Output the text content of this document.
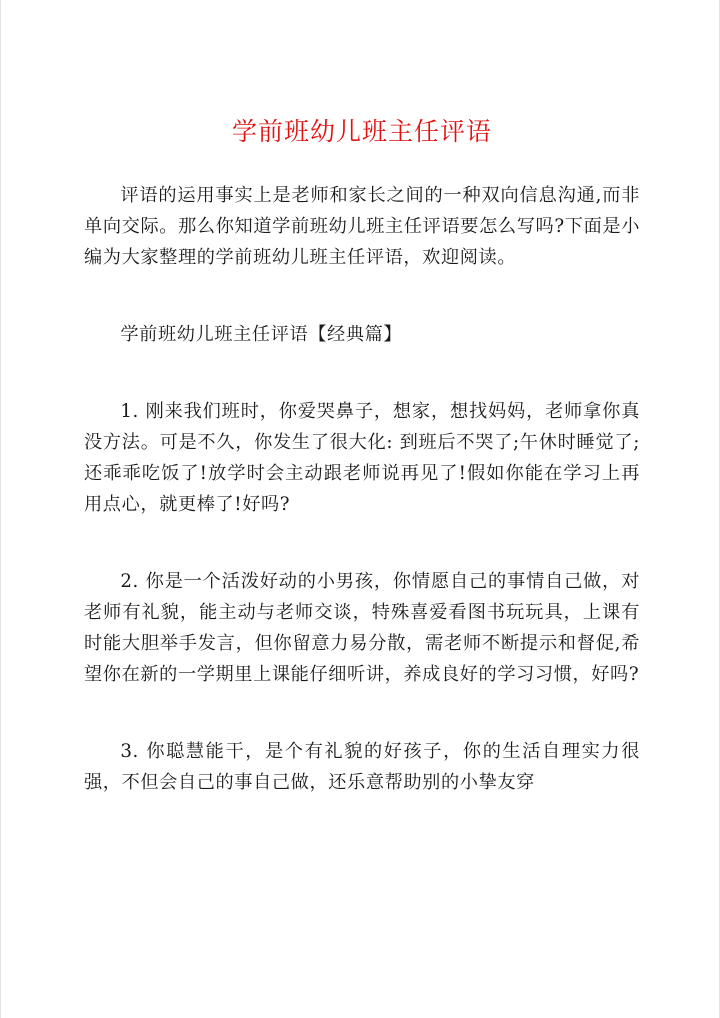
学前班幼儿班主任评语

评语的运用事实上是老师和家长之间的一种双向信息沟通,而非单向交际。那么你知道学前班幼儿班主任评语要怎么写吗?下面是小编为大家整理的学前班幼儿班主任评语，欢迎阅读。

学前班幼儿班主任评语【经典篇】

1. 刚来我们班时，你爱哭鼻子，想家，想找妈妈，老师拿你真没方法。可是不久，你发生了很大化: 到班后不哭了;午休时睡觉了;还乖乖吃饭了!放学时会主动跟老师说再见了!假如你能在学习上再用点心，就更棒了!好吗?

2. 你是一个活泼好动的小男孩，你情愿自己的事情自己做，对老师有礼貌，能主动与老师交谈，特殊喜爱看图书玩玩具，上课有时能大胆举手发言，但你留意力易分散，需老师不断提示和督促,希望你在新的一学期里上课能仔细听讲，养成良好的学习习惯，好吗?

3. 你聪慧能干，是个有礼貌的好孩子，你的生活自理实力很强，不但会自己的事自己做，还乐意帮助别的小挚友穿
